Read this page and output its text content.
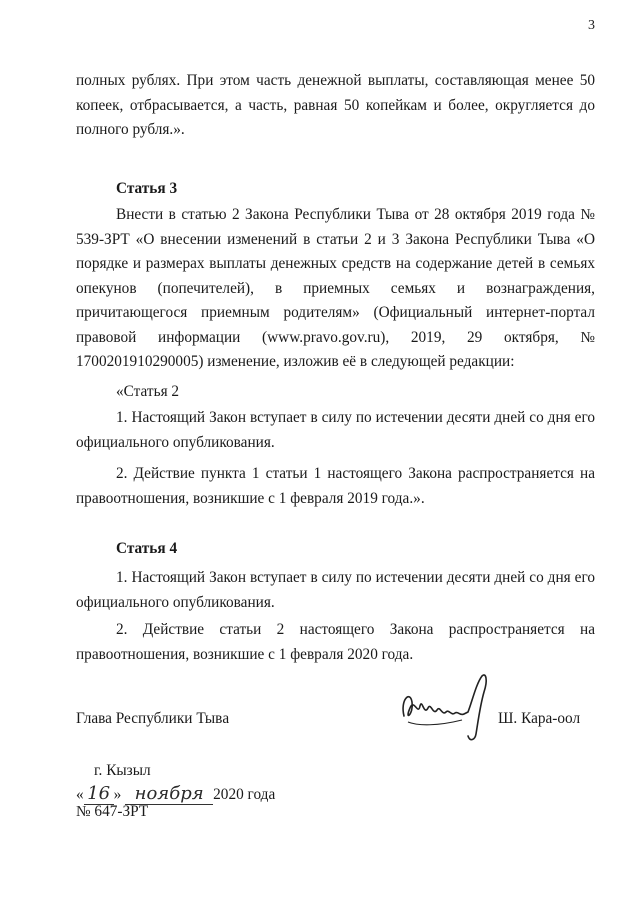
3

полных рублях. При этом часть денежной выплаты, составляющая менее 50 копеек, отбрасывается, а часть, равная 50 копейкам и более, округляется до полного рубля.».

Статья 3

Внести в статью 2 Закона Республики Тыва от 28 октября 2019 года № 539-ЗРТ «О внесении изменений в статьи 2 и 3 Закона Республики Тыва «О порядке и размерах выплаты денежных средств на содержание детей в семьях опекунов (попечителей), в приемных семьях и вознаграждения, причитающегося приемным родителям» (Официальный интернет-портал правовой информации (www.pravo.gov.ru), 2019, 29 октября, № 1700201910290005) изменение, изложив её в следующей редакции:

«Статья 2

1. Настоящий Закон вступает в силу по истечении десяти дней со дня его официального опубликования.

2. Действие пункта 1 статьи 1 настоящего Закона распространяется на правоотношения, возникшие с 1 февраля 2019 года.».

Статья 4

1. Настоящий Закон вступает в силу по истечении десяти дней со дня его официального опубликования.

2. Действие статьи 2 настоящего Закона распространяется на правоотношения, возникшие с 1 февраля 2020 года.

Глава Республики Тывa	Ш. Кара-оол
г. Кызыл
« 16 » ноября 2020 года
№ 647-ЗРТ
